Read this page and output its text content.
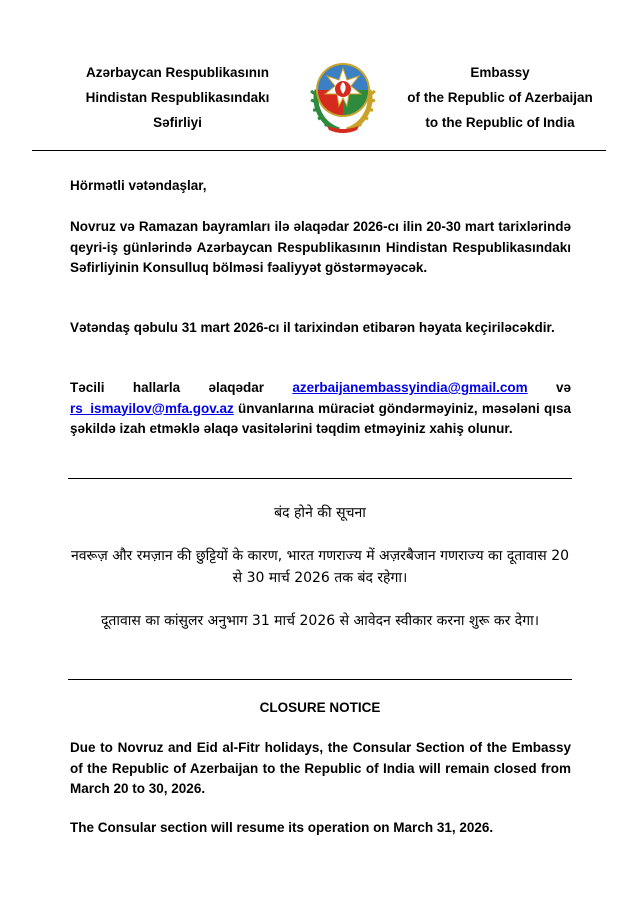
Azərbaycan Respublikasının
Hindistan Respublikasındakı
Səfirliyi
Embassy
of the Republic of Azerbaijan
to the Republic of India

Hörmətli vətəndaşlar,

Novruz və Ramazan bayramları ilə əlaqədar 2026-cı ilin 20-30 mart tarixlərində qeyri-iş günlərində Azərbaycan Respublikasının Hindistan Respublikasındakı Səfirliyinin Konsulluq bölməsi fəaliyyət göstərməyəcək.

Vətəndaş qəbulu 31 mart 2026-cı il tarixindən etibarən həyata keçiriləcəkdir.

Təcili hallarla əlaqədar azerbaijanembassyindia@gmail.com və rs_ismayilov@mfa.gov.az ünvanlarına müraciət göndərməyiniz, məsələni qısa şəkildə izah etməklə əlaqə vasitələrini təqdim etməyiniz xahiş olunur.

बंद होने की सूचना
नवरूज़ और रमज़ान की छुट्टियों के कारण, भारत गणराज्य में अज़रबैजान गणराज्य का दूतावास 20 से 30 मार्च 2026 तक बंद रहेगा।
दूतावास का कांसुलर अनुभाग 31 मार्च 2026 से आवेदन स्वीकार करना शुरू कर देगा।
CLOSURE NOTICE

Due to Novruz and Eid al-Fitr holidays, the Consular Section of the Embassy of the Republic of Azerbaijan to the Republic of India will remain closed from March 20 to 30, 2026.

The Consular section will resume its operation on March 31, 2026.
